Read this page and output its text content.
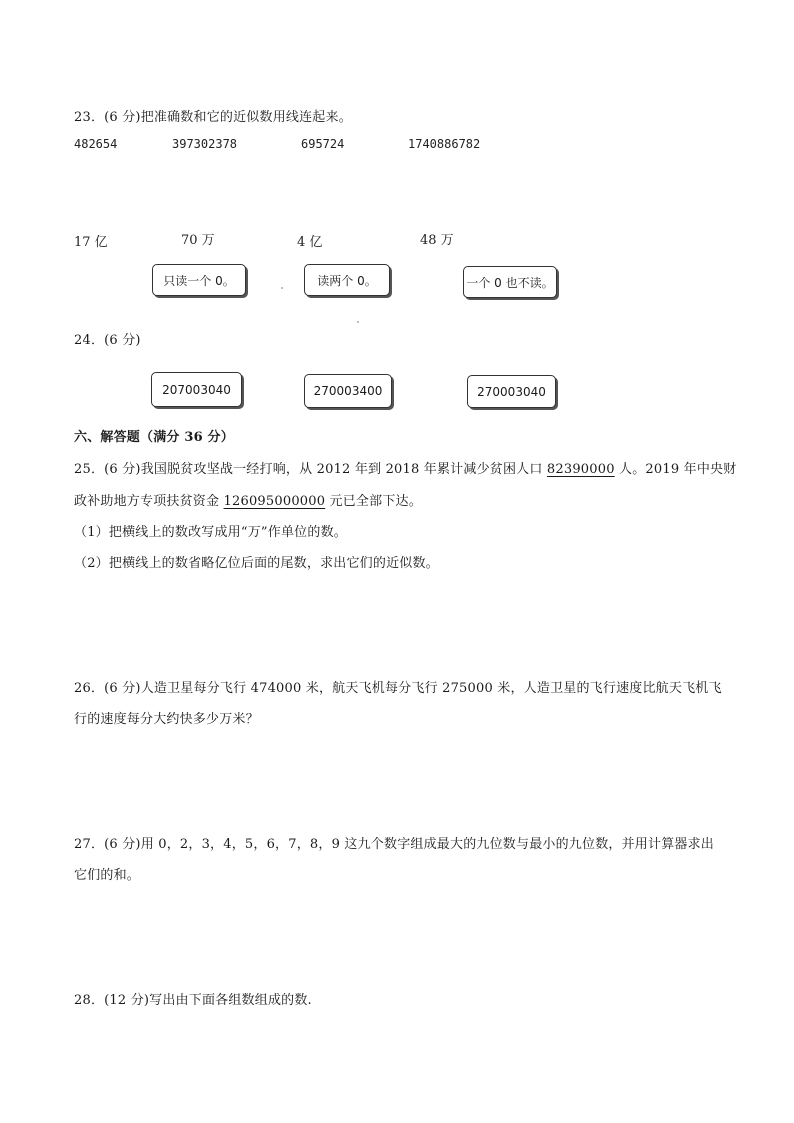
23．(6 分)把准确数和它的近似数用线连起来。
482654	397302378	695724	1740886782
17 亿	70 万	4 亿	48 万
只读一个 0。	读两个 0。	一个 0 也不读。
24．(6 分)
207003040	270003400	270003040
六、解答题（满分 36 分）
25．(6 分)我国脱贫攻坚战一经打响，从 2012 年到 2018 年累计减少贫困人口 82390000 人。2019 年中央财
政补助地方专项扶贫资金 126095000000 元已全部下达。
（1）把横线上的数改写成用“万”作单位的数。
（2）把横线上的数省略亿位后面的尾数，求出它们的近似数。
26．(6 分)人造卫星每分飞行 474000 米，航天飞机每分飞行 275000 米，人造卫星的飞行速度比航天飞机飞
行的速度每分大约快多少万米？
27．(6 分)用 0，2，3，4，5，6，7，8，9 这九个数字组成最大的九位数与最小的九位数，并用计算器求出
它们的和。
28．(12 分)写出由下面各组数组成的数.
